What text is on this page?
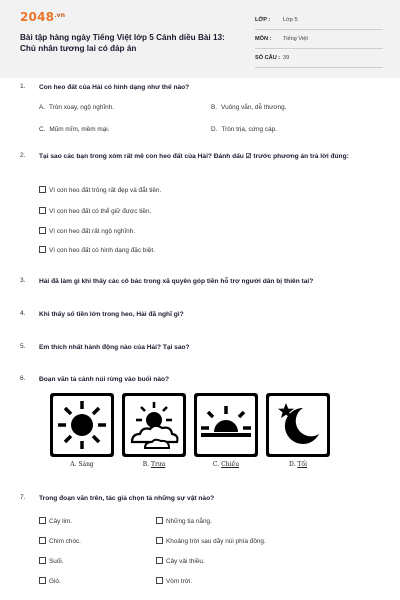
$2048^{.vn}$
Bài tập hàng ngày Tiếng Việt lớp 5 Cánh diều Bài 13: Chủ nhân tương lai có đáp án
LỚP : Lớp 5
MÔN : Tiếng Việt
SỐ CÂU : 39
1.	Con heo đất của Hải có hình dạng như thế nào?
A. Tròn xoay, ngộ nghĩnh.	B. Vuông vắn, dễ thương.
C. Mũm mĩm, mềm mại.	D. Tròn trịa, cứng cáp.
2.	Tại sao các bạn trong xóm rất mê con heo đất của Hải? Đánh dấu ☑ trước phương án trả lời đúng:
Vì con heo đất trông rất đẹp và đắt tiền.
Vì con heo đất có thể giữ được tiền.
Vì con heo đất rất ngộ nghĩnh.
Vì con heo đất có hình dạng đặc biệt.
3.	Hải đã làm gì khi thấy các cô bác trong xã quyên góp tiền hỗ trợ người dân bị thiên tai?
4.	Khi thấy số tiền lớn trong heo, Hải đã nghĩ gì?
5.	Em thích nhất hành động nào của Hải? Tại sao?
6.	Đoạn văn tả cảnh núi rừng vào buổi nào?
A. Sáng	B. Trưa	C. Chiều	D. Tối
7.	Trong đoạn văn trên, tác giả chọn tả những sự vật nào?
Cây lim.	Những tia nắng.
Chim chóc.	Khoảng trời sau dãy núi phía đông.
Suối.	Cây vải thiều.
Gió.	Vòm trời.
